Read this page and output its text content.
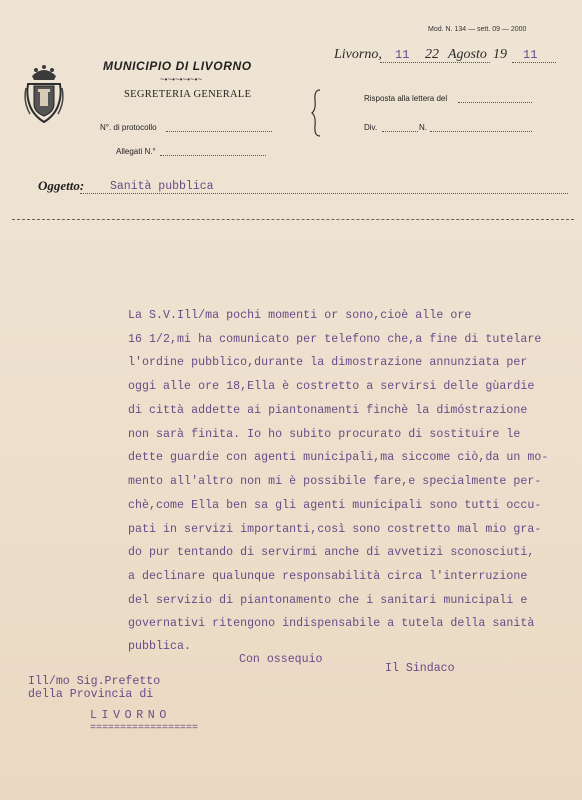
Mod. N. 134 — sett. 09 — 2000
MUNICIPIO DI LIVORNO
~•~•~•~•~•~
SEGRETERIA GENERALE
N°. di protocollo
Allegati N.°
Livorno, 11 22 Agosto 19 11
Risposta alla lettera del
Div.	N.
Oggetto: Sanità pubblica
La S.V.Ill/ma pochi momenti or sono,cioè alle ore
16 1/2,mi ha comunicato per telefono che,a fine di tutelare
l'ordine pubblico,durante la dimostrazione annunziata per
oggi alle ore 18,Ella è costretto a servirsi delle gùardie
di città addette ai piantonamenti finchè la dimóstrazione
non sarà finita. Io ho subito procurato di sostituire le
dette guardie con agenti municipali,ma siccome ciò,da un mo-
mento all'altro non mi è possibile fare,e specialmente per-
chè,come Ella ben sa gli agenti municipali sono tutti occu-
pati in servizi importanti,così sono costretto mal mio gra-
do pur tentando di servirmi anche di avvetizi sconosciuti,
a declinare qualunque responsabilità circa l'interruzione
del servizio di piantonamento che i sanitari municipali e
governativi ritengono indispensabile a tutela della sanità
pubblica.
Con ossequio
Il Sindaco
Ill/mo Sig.Prefetto
della Provincia di
LIVORNO
==================
